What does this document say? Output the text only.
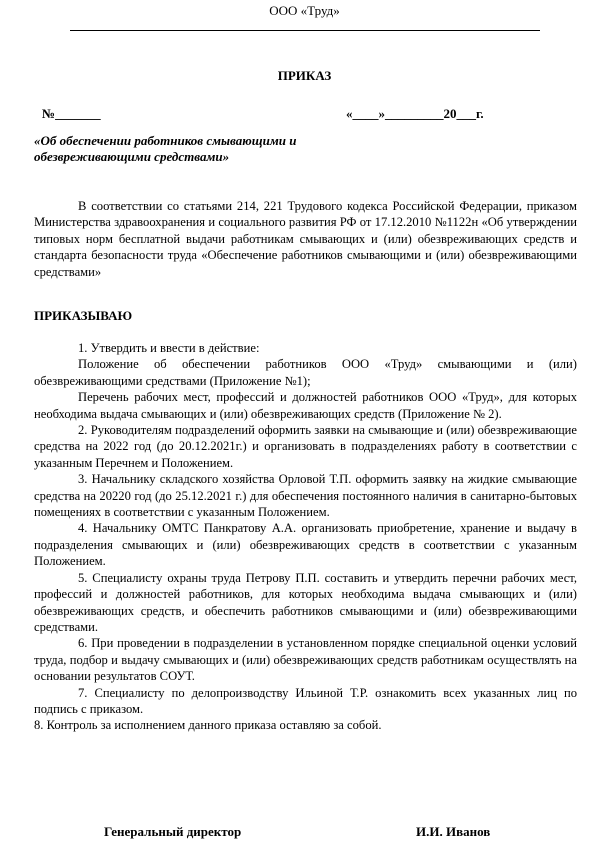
ООО «Труд»
ПРИКАЗ
№_______	«____»_________20___г.
«Об обеспечении работников смывающими и обезвреживающими средствами»

В соответствии со статьями 214, 221 Трудового кодекса Российской Федерации, приказом Министерства здравоохранения и социального развития РФ от 17.12.2010 №1122н «Об утверждении типовых норм бесплатной выдачи работникам смывающих и (или) обезвреживающих средств и стандарта безопасности труда «Обеспечение работников смывающими и (или) обезвреживающими средствами»

ПРИКАЗЫВАЮ

1. Утвердить и ввести в действие:

Положение об обеспечении работников ООО «Труд» смывающими и (или) обезвреживающими средствами (Приложение №1);

Перечень рабочих мест, профессий и должностей работников ООО «Труд», для которых необходима выдача смывающих и (или) обезвреживающих средств (Приложение № 2).

2. Руководителям подразделений оформить заявки на смывающие и (или) обезвреживающие средства на 2022 год (до 20.12.2021г.) и организовать в подразделениях работу в соответствии с указанным Перечнем и Положением.

3. Начальнику складского хозяйства Орловой Т.П. оформить заявку на жидкие смывающие средства на 20220 год (до 25.12.2021 г.) для обеспечения постоянного наличия в санитарно-бытовых помещениях в соответствии с указанным Положением.

4. Начальнику ОМТС Панкратову А.А. организовать приобретение, хранение и выдачу в подразделения смывающих и (или) обезвреживающих средств в соответствии с указанным Положением.

5. Специалисту охраны труда Петрову П.П. составить и утвердить перечни рабочих мест, профессий и должностей работников, для которых необходима выдача смывающих и (или) обезвреживающих средств, и обеспечить работников смывающими и (или) обезвреживающими средствами.

6. При проведении в подразделении в установленном порядке специальной оценки условий труда, подбор и выдачу смывающих и (или) обезвреживающих средств работникам осуществлять на основании результатов СОУТ.

7. Специалисту по делопроизводству Ильиной Т.Р. ознакомить всех указанных лиц по подпись с приказом.

8. Контроль за исполнением данного приказа оставляю за собой.

Генеральный директор	И.И. Иванов
